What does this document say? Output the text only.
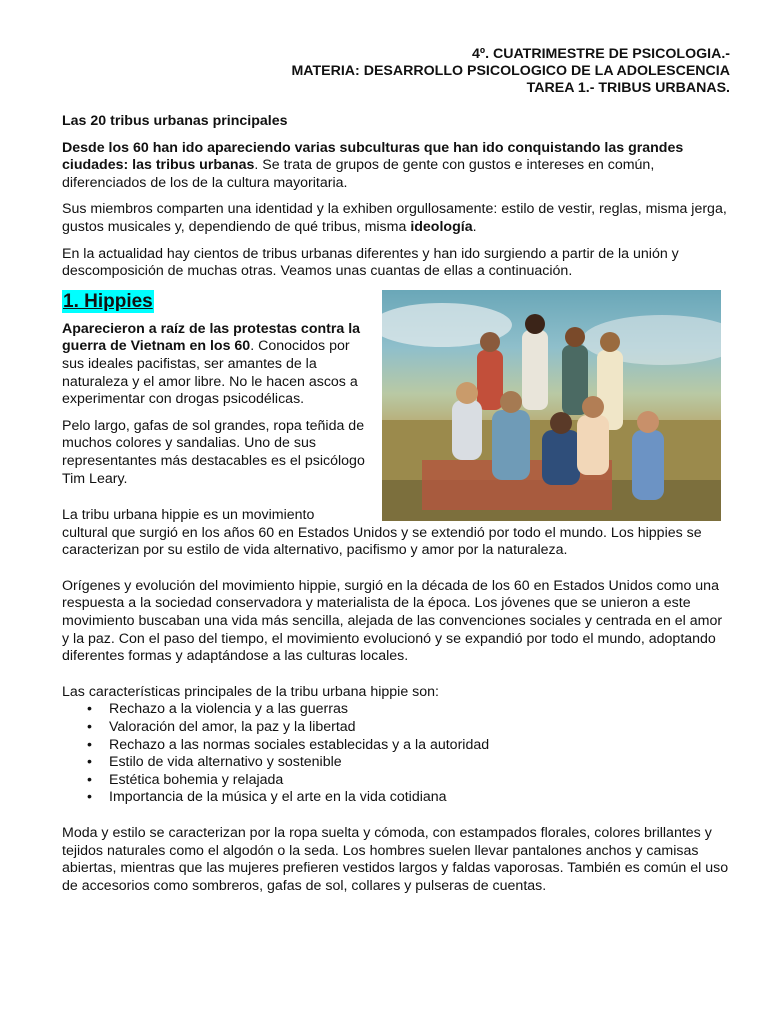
4º. CUATRIMESTRE DE PSICOLOGIA.-
MATERIA: DESARROLLO PSICOLOGICO DE LA ADOLESCENCIA
TAREA 1.- TRIBUS URBANAS.
Las 20 tribus urbanas principales

Desde los 60 han ido apareciendo varias subculturas que han ido conquistando las grandes ciudades: las tribus urbanas. Se trata de grupos de gente con gustos e intereses en común, diferenciados de los de la cultura mayoritaria.

Sus miembros comparten una identidad y la exhiben orgullosamente: estilo de vestir, reglas, misma jerga, gustos musicales y, dependiendo de qué tribus, misma ideología.

En la actualidad hay cientos de tribus urbanas diferentes y han ido surgiendo a partir de la unión y descomposición de muchas otras. Veamos unas cuantas de ellas a continuación.

1. Hippies

Aparecieron a raíz de las protestas contra la guerra de Vietnam en los 60. Conocidos por sus ideales pacifistas, ser amantes de la naturaleza y el amor libre. No le hacen ascos a experimentar con drogas psicodélicas.

Pelo largo, gafas de sol grandes, ropa teñida de muchos colores y sandalias. Uno de sus representantes más destacables es el psicólogo Tim Leary.

La tribu urbana hippie es un movimiento
cultural que surgió en los años 60 en Estados Unidos y se extendió por todo el mundo. Los hippies se caracterizan por su estilo de vida alternativo, pacifismo y amor por la naturaleza.

Orígenes y evolución del movimiento hippie, surgió en la década de los 60 en Estados Unidos como una respuesta a la sociedad conservadora y materialista de la época. Los jóvenes que se unieron a este movimiento buscaban una vida más sencilla, alejada de las convenciones sociales y centrada en el amor y la paz. Con el paso del tiempo, el movimiento evolucionó y se expandió por todo el mundo, adoptando diferentes formas y adaptándose a las culturas locales.

Las características principales de la tribu urbana hippie son:

• Rechazo a la violencia y a las guerras
• Valoración del amor, la paz y la libertad
• Rechazo a las normas sociales establecidas y a la autoridad
• Estilo de vida alternativo y sostenible
• Estética bohemia y relajada
• Importancia de la música y el arte en la vida cotidiana

Moda y estilo se caracterizan por la ropa suelta y cómoda, con estampados florales, colores brillantes y tejidos naturales como el algodón o la seda. Los hombres suelen llevar pantalones anchos y camisas abiertas, mientras que las mujeres prefieren vestidos largos y faldas vaporosas. También es común el uso de accesorios como sombreros, gafas de sol, collares y pulseras de cuentas.
